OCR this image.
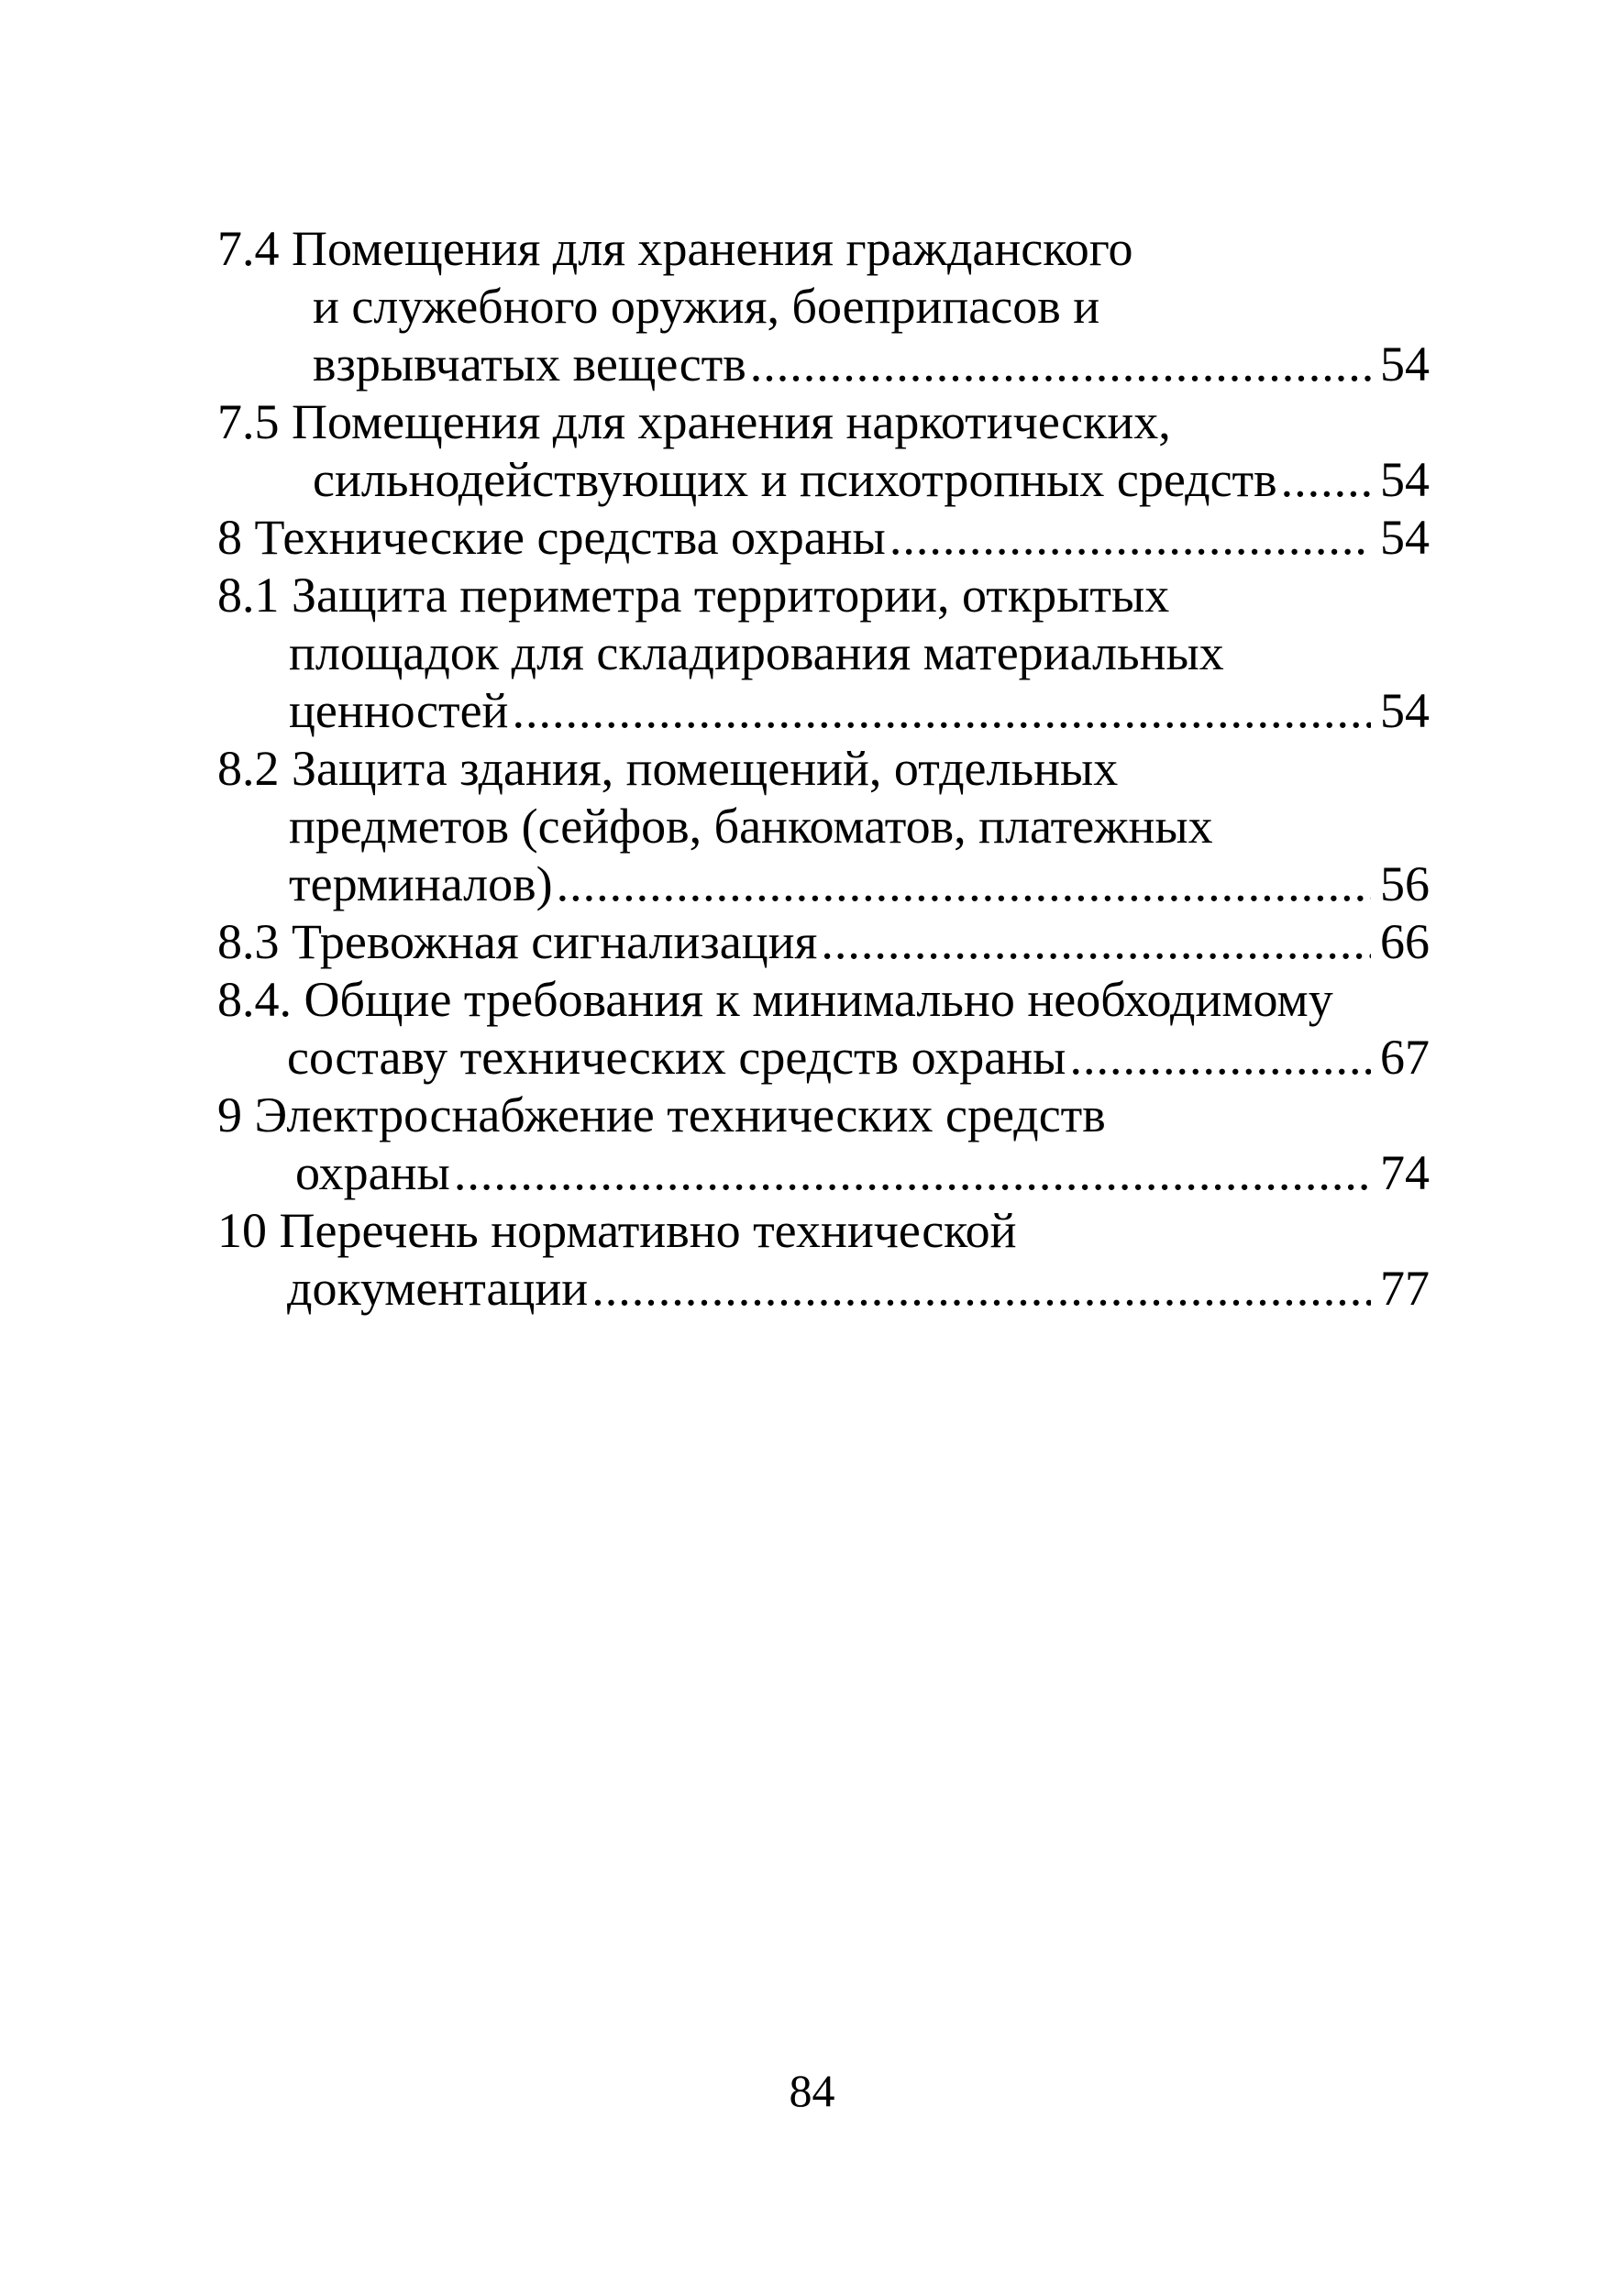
7.4 Помещения для хранения гражданского
и служебного оружия, боеприпасов и
взрывчатых веществ .....	54
7.5 Помещения для хранения наркотических,
сильнодействующих и психотропных средств ..... 54
8 Технические средства охраны .....	54
8.1 Защита периметра территории, открытых
площадок для складирования материальных
ценностей .....	54
8.2 Защита здания, помещений, отдельных
предметов (сейфов, банкоматов, платежных
терминалов) .....	56
8.3 Тревожная сигнализация .....	66
8.4. Общие требования к минимально необходимому
составу технических средств охраны .....	67
9 Электроснабжение технических средств
охраны .....	74
10 Перечень нормативно технической
документации .....	77
84
